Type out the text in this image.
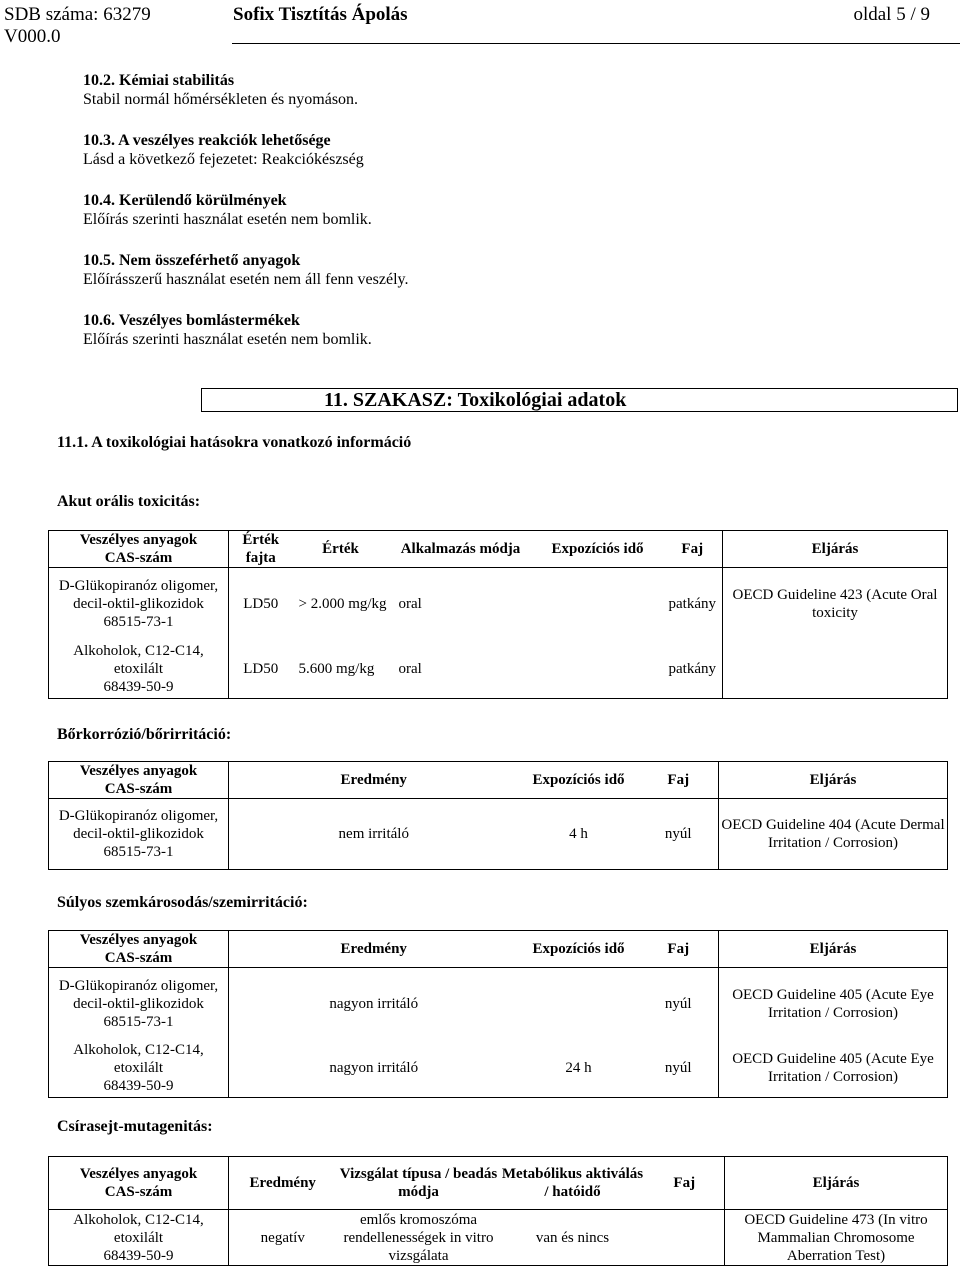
SDB száma: 63279
V000.0
Sofix Tisztítás Ápolás	oldal 5 / 9
10.2. Kémiai stabilitás
Stabil normál hőmérsékleten és nyomáson.
10.3. A veszélyes reakciók lehetősége
Lásd a következő fejezetet: Reakciókészség
10.4. Kerülendő körülmények
Előírás szerinti használat esetén nem bomlik.
10.5. Nem összeférhető anyagok
Előírásszerű használat esetén nem áll fenn veszély.
10.6. Veszélyes bomlástermékek
Előírás szerinti használat esetén nem bomlik.
11. SZAKASZ: Toxikológiai adatok
11.1. A toxikológiai hatásokra vonatkozó információ
Akut orális toxicitás:
Veszélyes anyagok
CAS-szám	Érték fajta	Érték	Alkalmazás módja	Expozíciós idő	Faj	Eljárás

D-Glükopiranóz oligomer, decil-oktil-glikozidok
68515-73-1	LD50	> 2.000 mg/kg	oral		patkány	OECD Guideline 423 (Acute Oral toxicity

Alkoholok, C12-C14, etoxilált
68439-50-9	LD50	5.600 mg/kg	oral		patkány	
Bőrkorrózió/bőrirritáció:
Veszélyes anyagok
CAS-szám	Eredmény	Expozíciós idő	Faj	Eljárás

D-Glükopiranóz oligomer, decil-oktil-glikozidok
68515-73-1	nem irritáló	4 h	nyúl	OECD Guideline 404 (Acute Dermal Irritation / Corrosion)
Súlyos szemkárosodás/szemirritáció:
Veszélyes anyagok
CAS-szám	Eredmény	Expozíciós idő	Faj	Eljárás

D-Glükopiranóz oligomer, decil-oktil-glikozidok
68515-73-1	nagyon irritáló		nyúl	OECD Guideline 405 (Acute Eye Irritation / Corrosion)

Alkoholok, C12-C14, etoxilált
68439-50-9	nagyon irritáló	24 h	nyúl	OECD Guideline 405 (Acute Eye Irritation / Corrosion)
Csírasejt-mutagenitás:
Veszélyes anyagok
CAS-szám	Eredmény	Vizsgálat típusa / beadás módja	Metabólikus aktiválás / hatóidő	Faj	Eljárás

Alkoholok, C12-C14, etoxilált
68439-50-9	negatív	emlős kromoszóma rendellenességek in vitro vizsgálata	van és nincs		OECD Guideline 473 (In vitro Mammalian Chromosome Aberration Test)
